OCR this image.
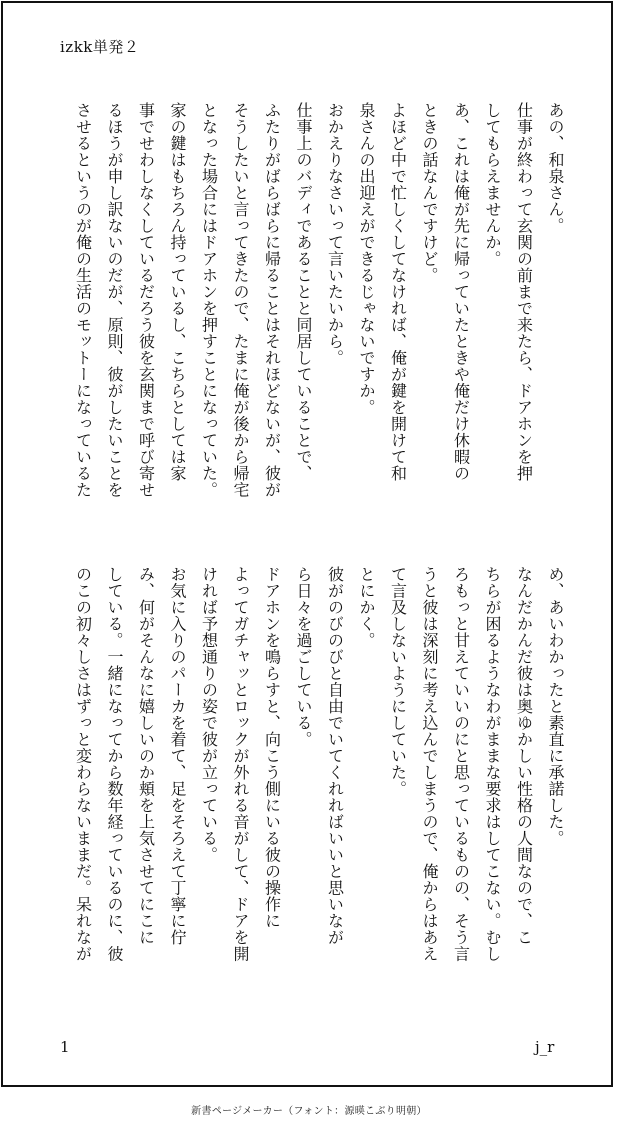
izkk単発２

あの、和泉さん。

仕事が終わって玄関の前まで来たら、ドアホンを押

してもらえませんか。

あ、これは俺が先に帰っていたときや俺だけ休暇の

ときの話なんですけど。

よほど中で忙しくしてなければ、俺が鍵を開けて和

泉さんの出迎えができるじゃないですか。

おかえりなさいって言いたいから。

仕事上のバディであることと同居していることで、

ふたりがばらばらに帰ることはそれほどないが、彼が

そうしたいと言ってきたので、たまに俺が後から帰宅

となった場合にはドアホンを押すことになっていた。

家の鍵はもちろん持っているし、こちらとしては家

事でせわしなくしているだろう彼を玄関まで呼び寄せ

るほうが申し訳ないのだが、原則、彼がしたいことを

させるというのが俺の生活のモットーになっているた

め、あいわかったと素直に承諾した。

なんだかんだ彼は奥ゆかしい性格の人間なので、こ

ちらが困るようなわがままな要求はしてこない。むし

ろもっと甘えていいのにと思っているものの、そう言

うと彼は深刻に考え込んでしまうので、俺からはあえ

て言及しないようにしていた。

とにかく。

彼がのびのびと自由でいてくれればいいと思いなが

ら日々を過ごしている。

ドアホンを鳴らすと、向こう側にいる彼の操作に

よってガチャッとロックが外れる音がして、ドアを開

ければ予想通りの姿で彼が立っている。

お気に入りのパーカを着て、足をそろえて丁寧に佇

み、何がそんなに嬉しいのか頬を上気させてにこに

している。一緒になってから数年経っているのに、彼

のこの初々しさはずっと変わらないままだ。呆れなが

1	j_r
新書ページメーカー（フォント：源暎こぶり明朝）
